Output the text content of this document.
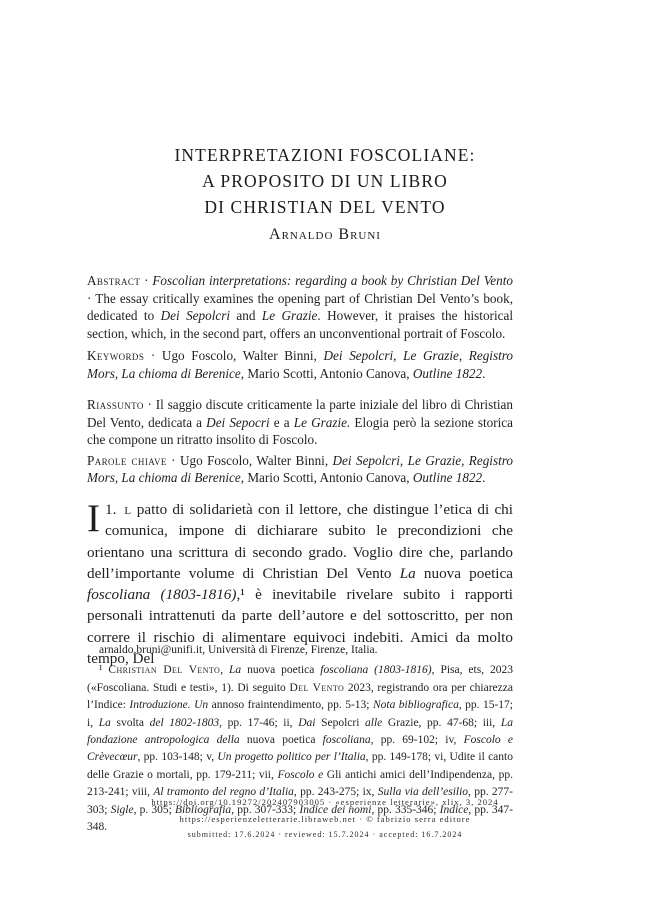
INTERPRETAZIONI FOSCOLIANE:
A PROPOSITO DI UN LIBRO
DI CHRISTIAN DEL VENTO
Arnaldo Bruni

Abstract · Foscolian interpretations: regarding a book by Christian Del Vento · The essay critically examines the opening part of Christian Del Vento’s book, dedicated to Dei Sepolcri and Le Grazie. However, it praises the historical section, which, in the second part, offers an unconventional portrait of Foscolo.

Keywords · Ugo Foscolo, Walter Binni, Dei Sepolcri, Le Grazie, Registro Mors, La chioma di Berenice, Mario Scotti, Antonio Canova, Outline 1822.

Riassunto · Il saggio discute criticamente la parte iniziale del libro di Christian Del Vento, dedicata a Dei Sepocri e a Le Grazie. Elogia però la sezione storica che compone un ritratto insolito di Foscolo.

Parole chiave · Ugo Foscolo, Walter Binni, Dei Sepolcri, Le Grazie, Registro Mors, La chioma di Berenice, Mario Scotti, Antonio Canova, Outline 1822.

1.
I l patto di solidarietà con il lettore, che distingue l’etica di chi comunica, impone di dichiarare subito le precondizioni che orientano una scrittura di secondo grado. Voglio dire che, parlando dell’importante volume di Christian Del Vento La nuova poetica foscoliana (1803-1816),¹ è inevitabile rivelare subito i rapporti personali intrattenuti da parte dell’autore e del sottoscritto, per non correre il rischio di alimentare equivoci indebiti. Amici da molto tempo, Del

arnaldo.bruni@unifi.it, Università di Firenze, Firenze, Italia.

¹ Christian Del Vento, La nuova poetica foscoliana (1803-1816), Pisa, ets, 2023 («Foscoliana. Studi e testi», 1). Di seguito Del Vento 2023, registrando ora per chiarezza l’Indice: Introduzione. Un annoso fraintendimento, pp. 5-13; Nota bibliografica, pp. 15-17; i, La svolta del 1802-1803, pp. 17-46; ii, Dai Sepolcri alle Grazie, pp. 47-68; iii, La fondazione antropologica della nuova poetica foscoliana, pp. 69-102; iv, Foscolo e Crèvecœur, pp. 103-148; v, Un progetto politico per l’Italia, pp. 149-178; vi, Udite il canto delle Grazie o mortali, pp. 179-211; vii, Foscolo e Gli antichi amici dell’Indipendenza, pp. 213-241; viii, Al tramonto del regno d’Italia, pp. 243-275; ix, Sulla via dell’esilio, pp. 277-303; Sigle, p. 305; Bibliografia, pp. 307-333; Indice dei nomi, pp. 335-346; Indice, pp. 347-348.

https://doi.org/10.19272/202407903005 · «esperienze letterarie», xlix, 3, 2024
https://esperienzeletterarie.libraweb.net · © fabrizio serra editore
submitted: 17.6.2024 · reviewed: 15.7.2024 · accepted: 16.7.2024
